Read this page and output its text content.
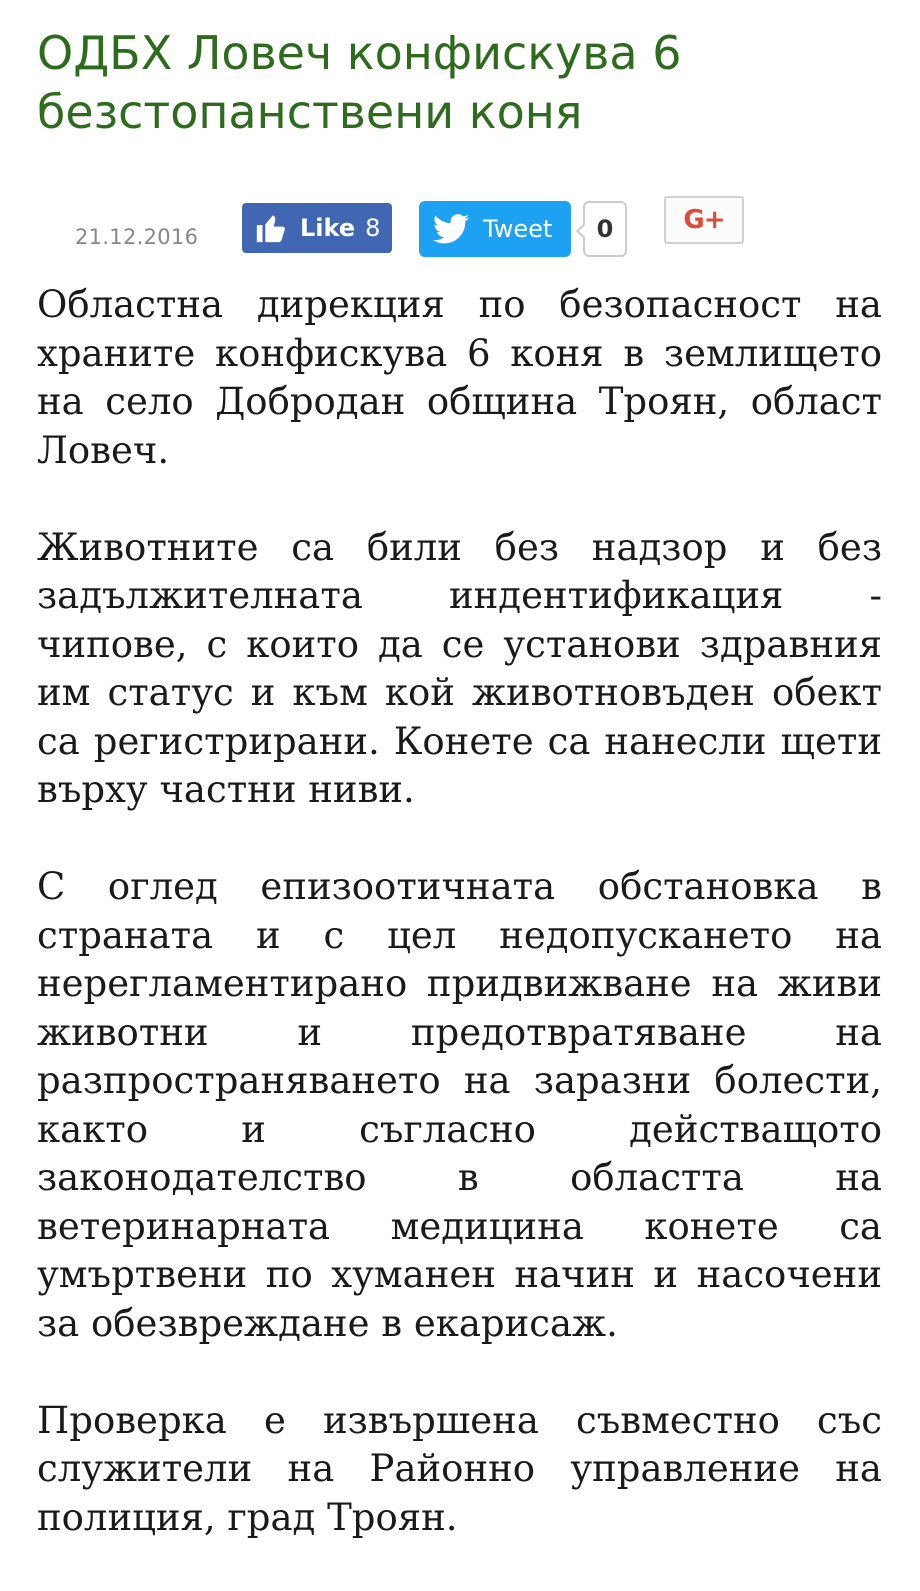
ОДБХ Ловеч конфискува 6 безстопанствени коня
21.12.2016	Like 8	Tweet	0	G+

Областна дирекция по безопасност на храните конфискува 6 коня в землището на село Добродан община Троян, област Ловеч.

Животните са били без надзор и без задължителната индентификация - чипове, с които да се установи здравния им статус и към кой животновъден обект са регистрирани. Конете са нанесли щети върху частни ниви.

С оглед епизоотичната обстановка в страната и с цел недопускането на нерегламентирано придвижване на живи животни и предотвратяване на разпространяването на заразни болести, както и съгласно действащото законодателство в областта на ветеринарната медицина конете са умъртвени по хуманен начин и насочени за обезвреждане в екарисаж.

Проверка е извършена съвместно със служители на Районно управление на полиция, град Троян.
